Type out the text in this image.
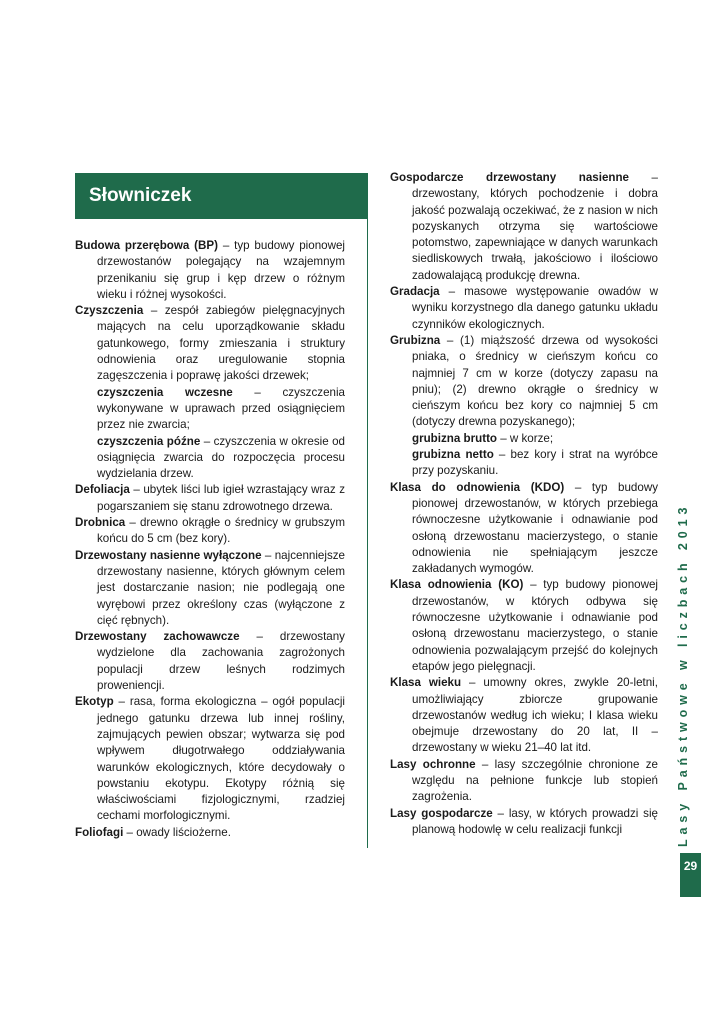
Słowniczek

Budowa przerębowa (BP) – typ budowy pionowej drzewostanów polegający na wzajemnym przenikaniu się grup i kęp drzew o różnym wieku i różnej wysokości.

Czyszczenia – zespół zabiegów pielęgnacyjnych mających na celu uporządkowanie składu gatunkowego, formy zmieszania i struktury odnowienia oraz uregulowanie stopnia zagęszczenia i poprawę jakości drzewek;

czyszczenia wczesne – czyszczenia wykonywane w uprawach przed osiągnięciem przez nie zwarcia;

czyszczenia późne – czyszczenia w okresie od osiągnięcia zwarcia do rozpoczęcia procesu wydzielania drzew.

Defoliacja – ubytek liści lub igieł wzrastający wraz z pogarszaniem się stanu zdrowotnego drzewa.

Drobnica – drewno okrągłe o średnicy w grubszym końcu do 5 cm (bez kory).

Drzewostany nasienne wyłączone – najcenniejsze drzewostany nasienne, których głównym celem jest dostarczanie nasion; nie podlegają one wyrębowi przez określony czas (wyłączone z cięć rębnych).

Drzewostany zachowawcze – drzewostany wydzielone dla zachowania zagrożonych populacji drzew leśnych rodzimych proweniencji.

Ekotyp – rasa, forma ekologiczna – ogół populacji jednego gatunku drzewa lub innej rośliny, zajmujących pewien obszar; wytwarza się pod wpływem długotrwałego oddziaływania warunków ekologicznych, które decydowały o powstaniu ekotypu. Ekotypy różnią się właściwościami fizjologicznymi, rzadziej cechami morfologicznymi.

Foliofagi – owady liściożerne.

Gospodarcze drzewostany nasienne – drzewostany, których pochodzenie i dobra jakość pozwalają oczekiwać, że z nasion w nich pozyskanych otrzyma się wartościowe potomstwo, zapewniające w danych warunkach siedliskowych trwałą, jakościowo i ilościowo zadowalającą produkcję drewna.

Gradacja – masowe występowanie owadów w wyniku korzystnego dla danego gatunku układu czynników ekologicznych.

Grubizna – (1) miąższość drzewa od wysokości pniaka, o średnicy w cieńszym końcu co najmniej 7 cm w korze (dotyczy zapasu na pniu); (2) drewno okrągłe o średnicy w cieńszym końcu bez kory co najmniej 5 cm (dotyczy drewna pozyskanego);

grubizna brutto – w korze;

grubizna netto – bez kory i strat na wyróbce przy pozyskaniu.

Klasa do odnowienia (KDO) – typ budowy pionowej drzewostanów, w których przebiega równoczesne użytkowanie i odnawianie pod osłoną drzewostanu macierzystego, o stanie odnowienia nie spełniającym jeszcze zakładanych wymogów.

Klasa odnowienia (KO) – typ budowy pionowej drzewostanów, w których odbywa się równoczesne użytkowanie i odnawianie pod osłoną drzewostanu macierzystego, o stanie odnowienia pozwalającym przejść do kolejnych etapów jego pielęgnacji.

Klasa wieku – umowny okres, zwykle 20-letni, umożliwiający zbiorcze grupowanie drzewostanów według ich wieku; I klasa wieku obejmuje drzewostany do 20 lat, II – drzewostany w wieku 21–40 lat itd.

Lasy ochronne – lasy szczególnie chronione ze względu na pełnione funkcje lub stopień zagrożenia.

Lasy gospodarcze – lasy, w których prowadzi się planową hodowlę w celu realizacji funkcji	Lasy Państwowe w liczbach 2013
29
